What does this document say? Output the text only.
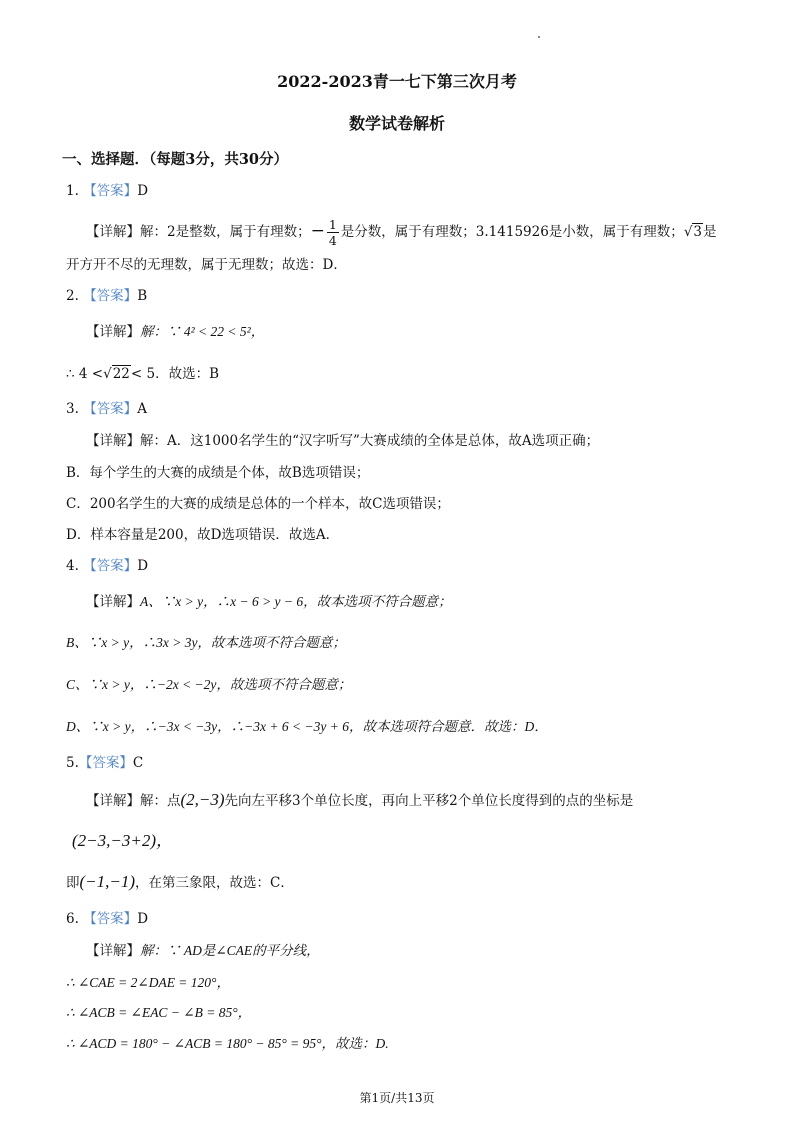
2022-2023青一七下第三次月考
数学试卷解析
一、选择题．（每题3分，共30分）
1. 【答案】D
【详解】解：2是整数，属于有理数；− $\frac{1}{4}$ 是分数，属于有理数；3.1415926是小数，属于有理数；√3是
开方开不尽的无理数，属于无理数；故选：D．
2. 【答案】B
【详解】解：∵ 4² < 22 < 5²，
∴ 4 <√22< 5．故选：B
3. 【答案】A
【详解】解：A．这1000名学生的“汉字听写”大赛成绩的全体是总体，故A选项正确；
B．每个学生的大赛的成绩是个体，故B选项错误；
C．200名学生的大赛的成绩是总体的一个样本，故C选项错误；
D．样本容量是200，故D选项错误．故选A．
4. 【答案】D
【详解】A、∵x > y，∴x − 6 > y − 6，故本选项不符合题意；
B、∵x > y，∴3x > 3y，故本选项不符合题意；
C、∵x > y，∴−2x < −2y，故选项不符合题意；
D、∵x > y，∴−3x < −3y，∴−3x + 6 < −3y + 6，故本选项符合题意．故选：D．
5.【答案】C
【详解】解：点(2,−3)先向左平移3个单位长度，再向上平移2个单位长度得到的点的坐标是
(2−3,−3+2)，
即(−1,−1)，在第三象限，故选：C．
6. 【答案】D
【详解】解：∵ AD是∠CAE的平分线，
∴ ∠CAE = 2∠DAE = 120°，
∴ ∠ACB = ∠EAC − ∠B = 85°，
∴ ∠ACD = 180° − ∠ACB = 180° − 85° = 95°，故选：D.
第1页/共13页
